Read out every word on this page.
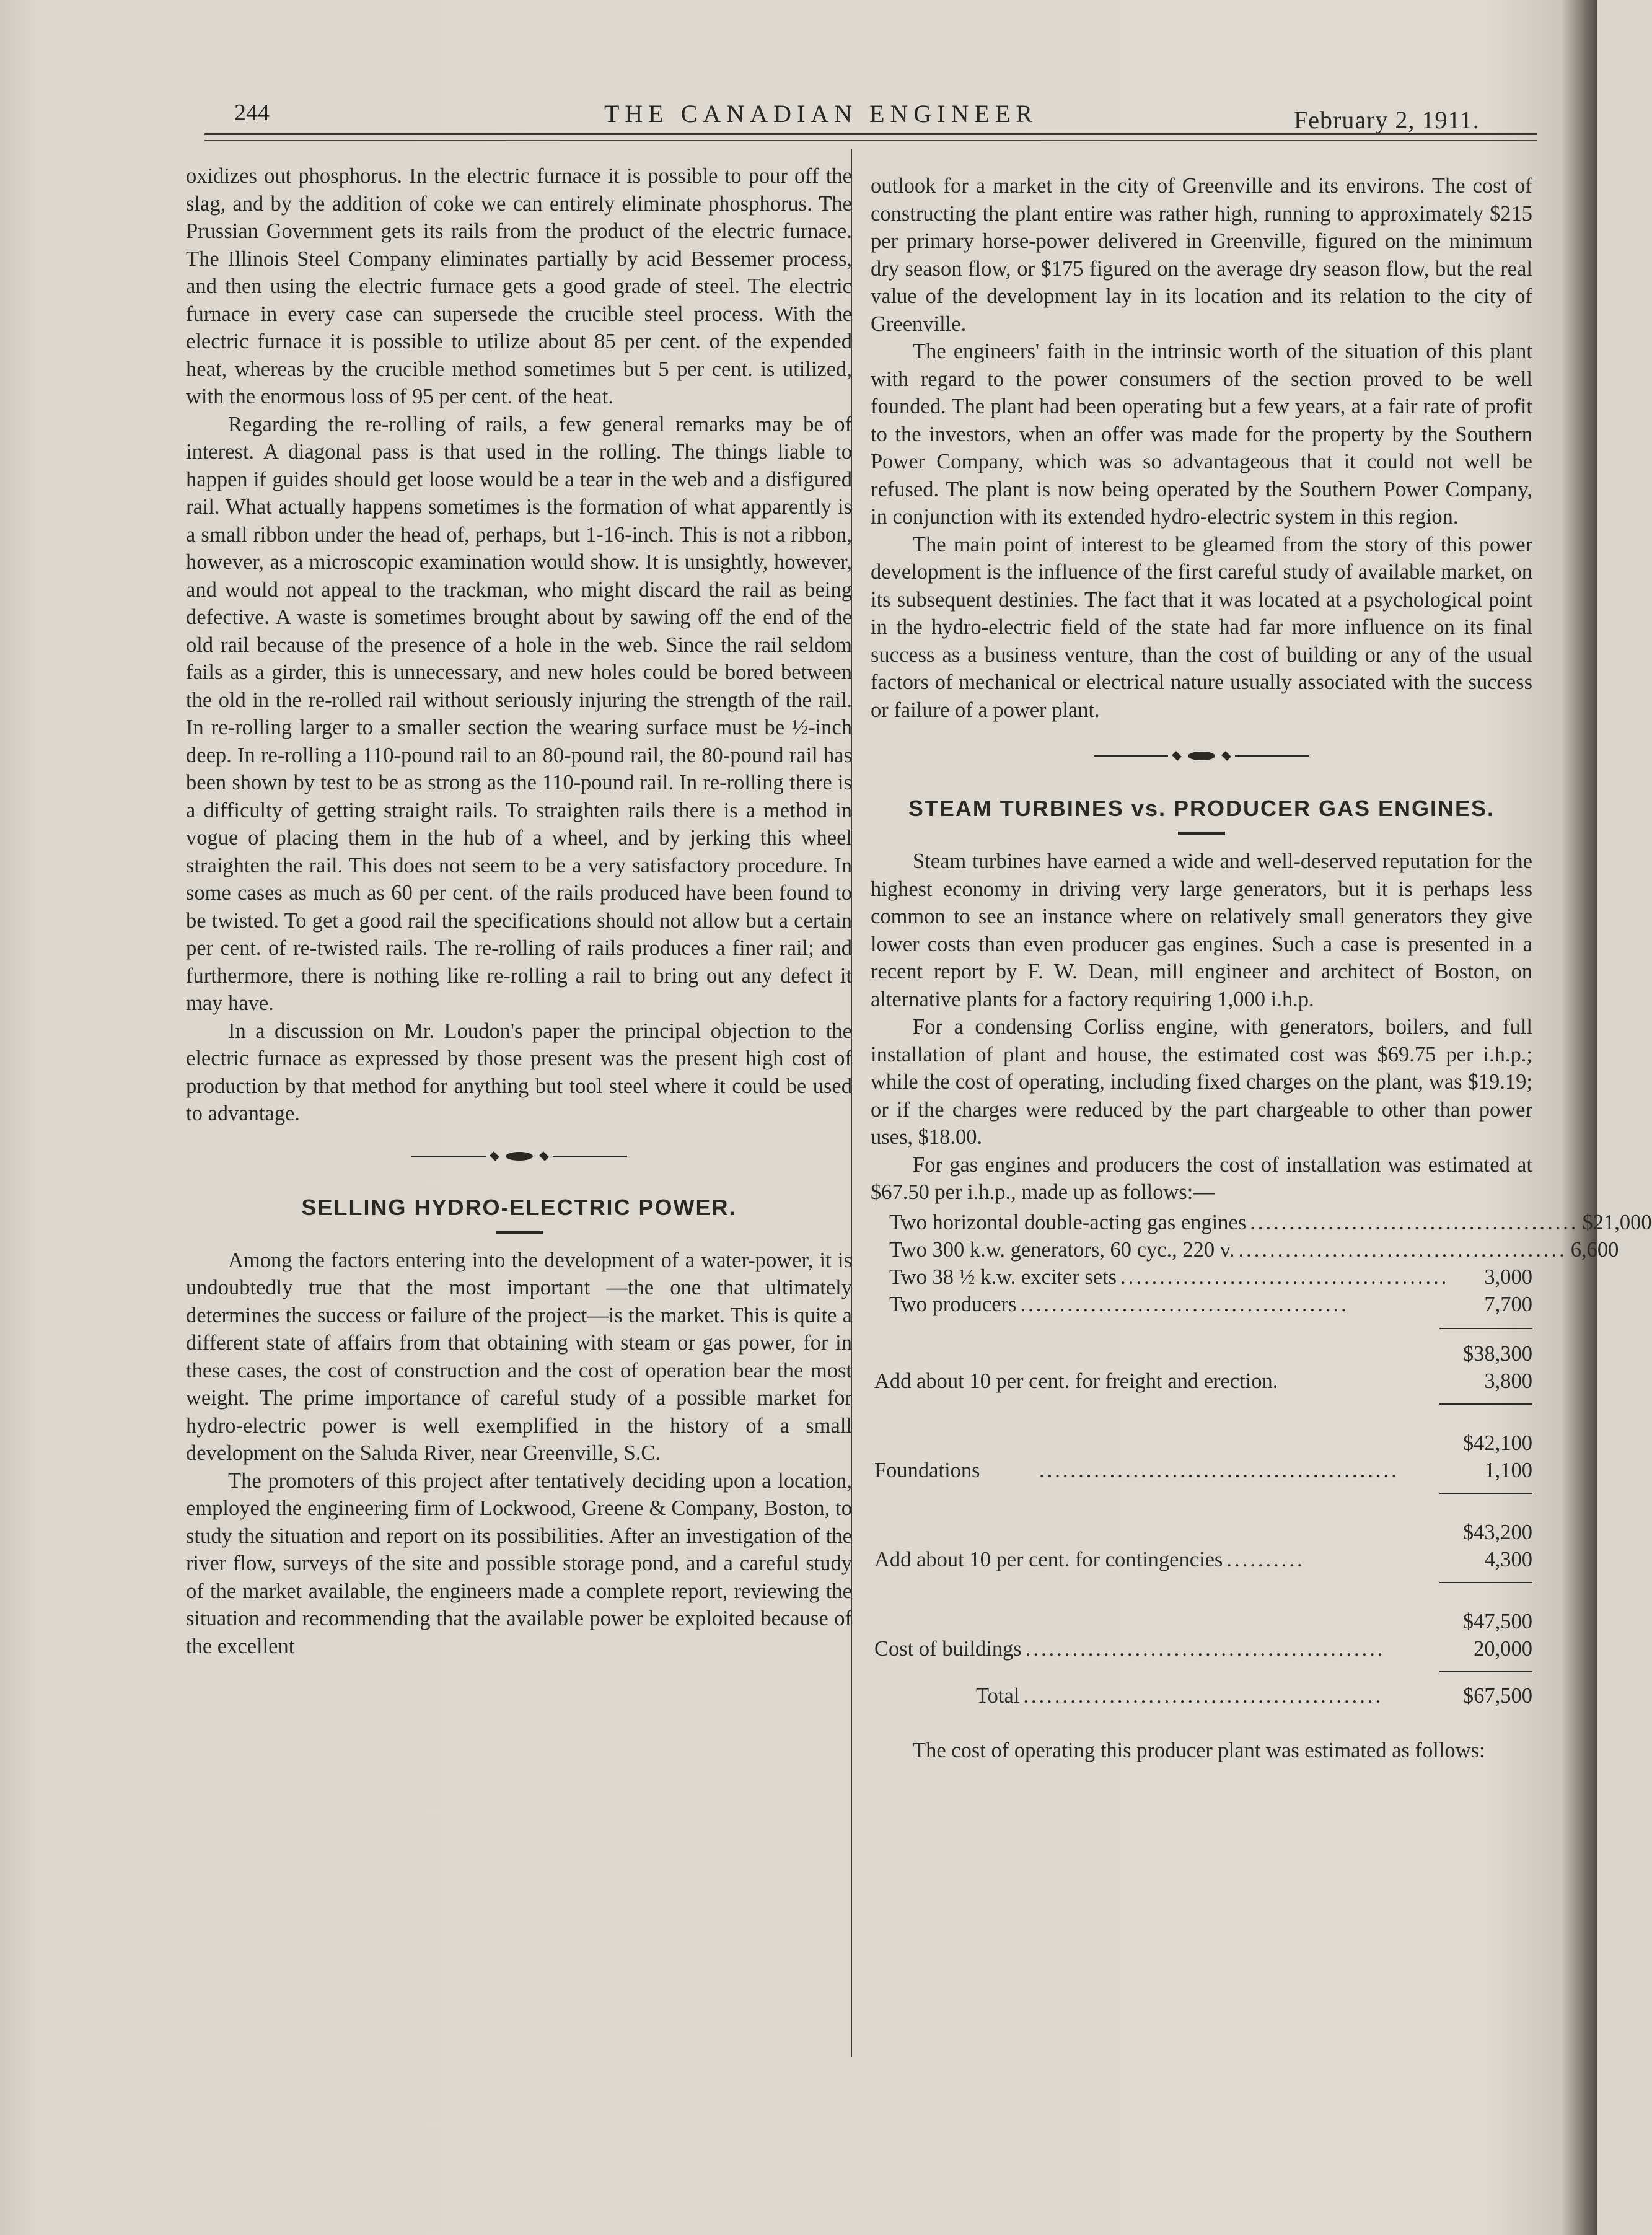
244	THE CANADIAN ENGINEER	February 2, 1911.

oxidizes out phosphorus. In the electric furnace it is possible to pour off the slag, and by the addition of coke we can entirely eliminate phosphorus. The Prussian Government gets its rails from the product of the electric furnace. The Illinois Steel Company eliminates partially by acid Bessemer process, and then using the electric furnace gets a good grade of steel. The electric furnace in every case can supersede the crucible steel process. With the electric furnace it is possible to utilize about 85 per cent. of the expended heat, whereas by the crucible method sometimes but 5 per cent. is utilized, with the enormous loss of 95 per cent. of the heat.

Regarding the re-rolling of rails, a few general remarks may be of interest. A diagonal pass is that used in the rolling. The things liable to happen if guides should get loose would be a tear in the web and a disfigured rail. What actually happens sometimes is the formation of what apparently is a small ribbon under the head of, perhaps, but 1-16-inch. This is not a ribbon, however, as a microscopic examination would show. It is unsightly, however, and would not appeal to the trackman, who might discard the rail as being defective. A waste is sometimes brought about by sawing off the end of the old rail because of the presence of a hole in the web. Since the rail seldom fails as a girder, this is unnecessary, and new holes could be bored between the old in the re-rolled rail without seriously injuring the strength of the rail. In re-rolling larger to a smaller section the wearing surface must be ½-inch deep. In re-rolling a 110-pound rail to an 80-pound rail, the 80-pound rail has been shown by test to be as strong as the 110-pound rail. In re-rolling there is a difficulty of getting straight rails. To straighten rails there is a method in vogue of placing them in the hub of a wheel, and by jerking this wheel straighten the rail. This does not seem to be a very satisfactory procedure. In some cases as much as 60 per cent. of the rails produced have been found to be twisted. To get a good rail the specifications should not allow but a certain per cent. of re-twisted rails. The re-rolling of rails produces a finer rail; and furthermore, there is nothing like re-rolling a rail to bring out any defect it may have.

In a discussion on Mr. Loudon's paper the principal objection to the electric furnace as expressed by those present was the present high cost of production by that method for anything but tool steel where it could be used to advantage.

SELLING HYDRO-ELECTRIC POWER.

Among the factors entering into the development of a water-power, it is undoubtedly true that the most important —the one that ultimately determines the success or failure of the project—is the market. This is quite a different state of affairs from that obtaining with steam or gas power, for in these cases, the cost of construction and the cost of operation bear the most weight. The prime importance of careful study of a possible market for hydro-electric power is well exemplified in the history of a small development on the Saluda River, near Greenville, S.C.

The promoters of this project after tentatively deciding upon a location, employed the engineering firm of Lockwood, Greene & Company, Boston, to study the situation and report on its possibilities. After an investigation of the river flow, surveys of the site and possible storage pond, and a careful study of the market available, the engineers made a complete report, reviewing the situation and recommending that the available power be exploited because of the excellent

outlook for a market in the city of Greenville and its environs. The cost of constructing the plant entire was rather high, running to approximately $215 per primary horse-power delivered in Greenville, figured on the minimum dry season flow, or $175 figured on the average dry season flow, but the real value of the development lay in its location and its relation to the city of Greenville.

The engineers' faith in the intrinsic worth of the situation of this plant with regard to the power consumers of the section proved to be well founded. The plant had been operating but a few years, at a fair rate of profit to the investors, when an offer was made for the property by the Southern Power Company, which was so advantageous that it could not well be refused. The plant is now being operated by the Southern Power Company, in conjunction with its extended hydro-electric system in this region.

The main point of interest to be gleamed from the story of this power development is the influence of the first careful study of available market, on its subsequent destinies. The fact that it was located at a psychological point in the hydro-electric field of the state had far more influence on its final success as a business venture, than the cost of building or any of the usual factors of mechanical or electrical nature usually associated with the success or failure of a power plant.

STEAM TURBINES vs. PRODUCER GAS ENGINES.

Steam turbines have earned a wide and well-deserved reputation for the highest economy in driving very large generators, but it is perhaps less common to see an instance where on relatively small generators they give lower costs than even producer gas engines. Such a case is presented in a recent report by F. W. Dean, mill engineer and architect of Boston, on alternative plants for a factory requiring 1,000 i.h.p.

For a condensing Corliss engine, with generators, boilers, and full installation of plant and house, the estimated cost was $69.75 per i.h.p.; while the cost of operating, including fixed charges on the plant, was $19.19; or if the charges were reduced by the part chargeable to other than power uses, $18.00.

For gas engines and producers the cost of installation was estimated at $67.50 per i.h.p., made up as follows:—

Two horizontal double-acting gas engines .......................................... $21,000
Two 300 k.w. generators, 60 cyc., 220 v. .......................................... 6,600
Two 38 ½ k.w. exciter sets ..........................................	3,000
Two producers ..........................................	7,700
$38,300
Add about 10 per cent. for freight and erection.	3,800
$42,100
Foundations	..............................................	1,100
$43,200
Add about 10 per cent. for contingencies ..........	4,300
$47,500
Cost of buildings ..............................................	20,000
Total ..............................................	$67,500

The cost of operating this producer plant was estimated as follows:
